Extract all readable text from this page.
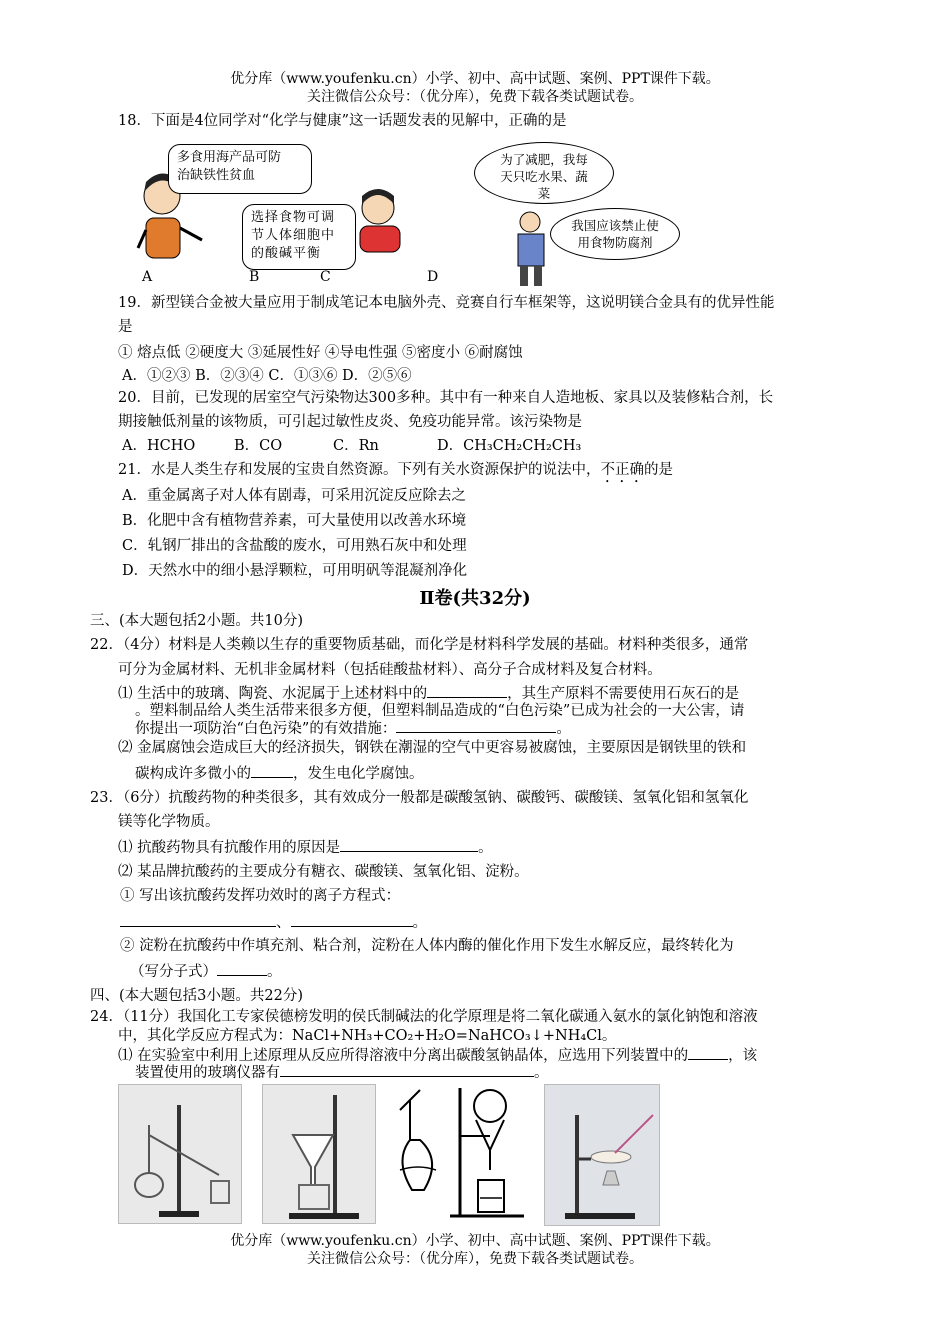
优分库（www.youfenku.cn）小学、初中、高中试题、案例、PPT课件下载。
关注微信公众号：（优分库），免费下载各类试题试卷。
18．下面是4位同学对“化学与健康”这一话题发表的见解中，正确的是
多食用海产品可防
治缺铁性贫血
选择食物可调
节人体细胞中
的酸碱平衡
为了减肥，我每
天只吃水果、蔬
菜
我国应该禁止使
用食物防腐剂
A	B	C	D
19．新型镁合金被大量应用于制成笔记本电脑外壳、竞赛自行车框架等，这说明镁合金具有的优异性能
是
① 熔点低 ②硬度大 ③延展性好 ④导电性强 ⑤密度小 ⑥耐腐蚀
A．①②③ B．②③④ C．①③⑥ D．②⑤⑥
20．目前，已发现的居室空气污染物达300多种。其中有一种来自人造地板、家具以及装修粘合剂，长
期接触低剂量的该物质，可引起过敏性皮炎、免疫功能异常。该污染物是
A．HCHO	B．CO	C．Rn	D．CH₃CH₂CH₂CH₃
21．水是人类生存和发展的宝贵自然资源。下列有关水资源保护的说法中，不正确的是
A．重金属离子对人体有剧毒，可采用沉淀反应除去之
B．化肥中含有植物营养素，可大量使用以改善水环境
C．轧钢厂排出的含盐酸的废水，可用熟石灰中和处理
D．天然水中的细小悬浮颗粒，可用明矾等混凝剂净化
Ⅱ卷(共32分)
三、(本大题包括2小题。共10分)
22．（4分）材料是人类赖以生存的重要物质基础，而化学是材料科学发展的基础。材料种类很多，通常
可分为金属材料、无机非金属材料（包括硅酸盐材料）、高分子合成材料及复合材料。
⑴ 生活中的玻璃、陶瓷、水泥属于上述材料中的	，其生产原料不需要使用石灰石的是
。塑料制品给人类生活带来很多方便，但塑料制品造成的“白色污染”已成为社会的一大公害，请
你提出一项防治“白色污染”的有效措施：	。
⑵ 金属腐蚀会造成巨大的经济损失，钢铁在潮湿的空气中更容易被腐蚀，主要原因是钢铁里的铁和
碳构成许多微小的	，发生电化学腐蚀。
23．（6分）抗酸药物的种类很多，其有效成分一般都是碳酸氢钠、碳酸钙、碳酸镁、氢氧化铝和氢氧化
镁等化学物质。
⑴ 抗酸药物具有抗酸作用的原因是	。
⑵ 某品牌抗酸药的主要成分有糖衣、碳酸镁、氢氧化铝、淀粉。
① 写出该抗酸药发挥功效时的离子方程式：
、	。
② 淀粉在抗酸药中作填充剂、粘合剂，淀粉在人体内酶的催化作用下发生水解反应，最终转化为
（写分子式）	。
四、(本大题包括3小题。共22分)
24．（11分）我国化工专家侯德榜发明的侯氏制碱法的化学原理是将二氧化碳通入氨水的氯化钠饱和溶液
中，其化学反应方程式为：NaCl+NH₃+CO₂+H₂O=NaHCO₃↓+NH₄Cl。
⑴ 在实验室中利用上述原理从反应所得溶液中分离出碳酸氢钠晶体，应选用下列装置中的	，该
装置使用的玻璃仪器有	。
优分库（www.youfenku.cn）小学、初中、高中试题、案例、PPT课件下载。
关注微信公众号：（优分库），免费下载各类试题试卷。
